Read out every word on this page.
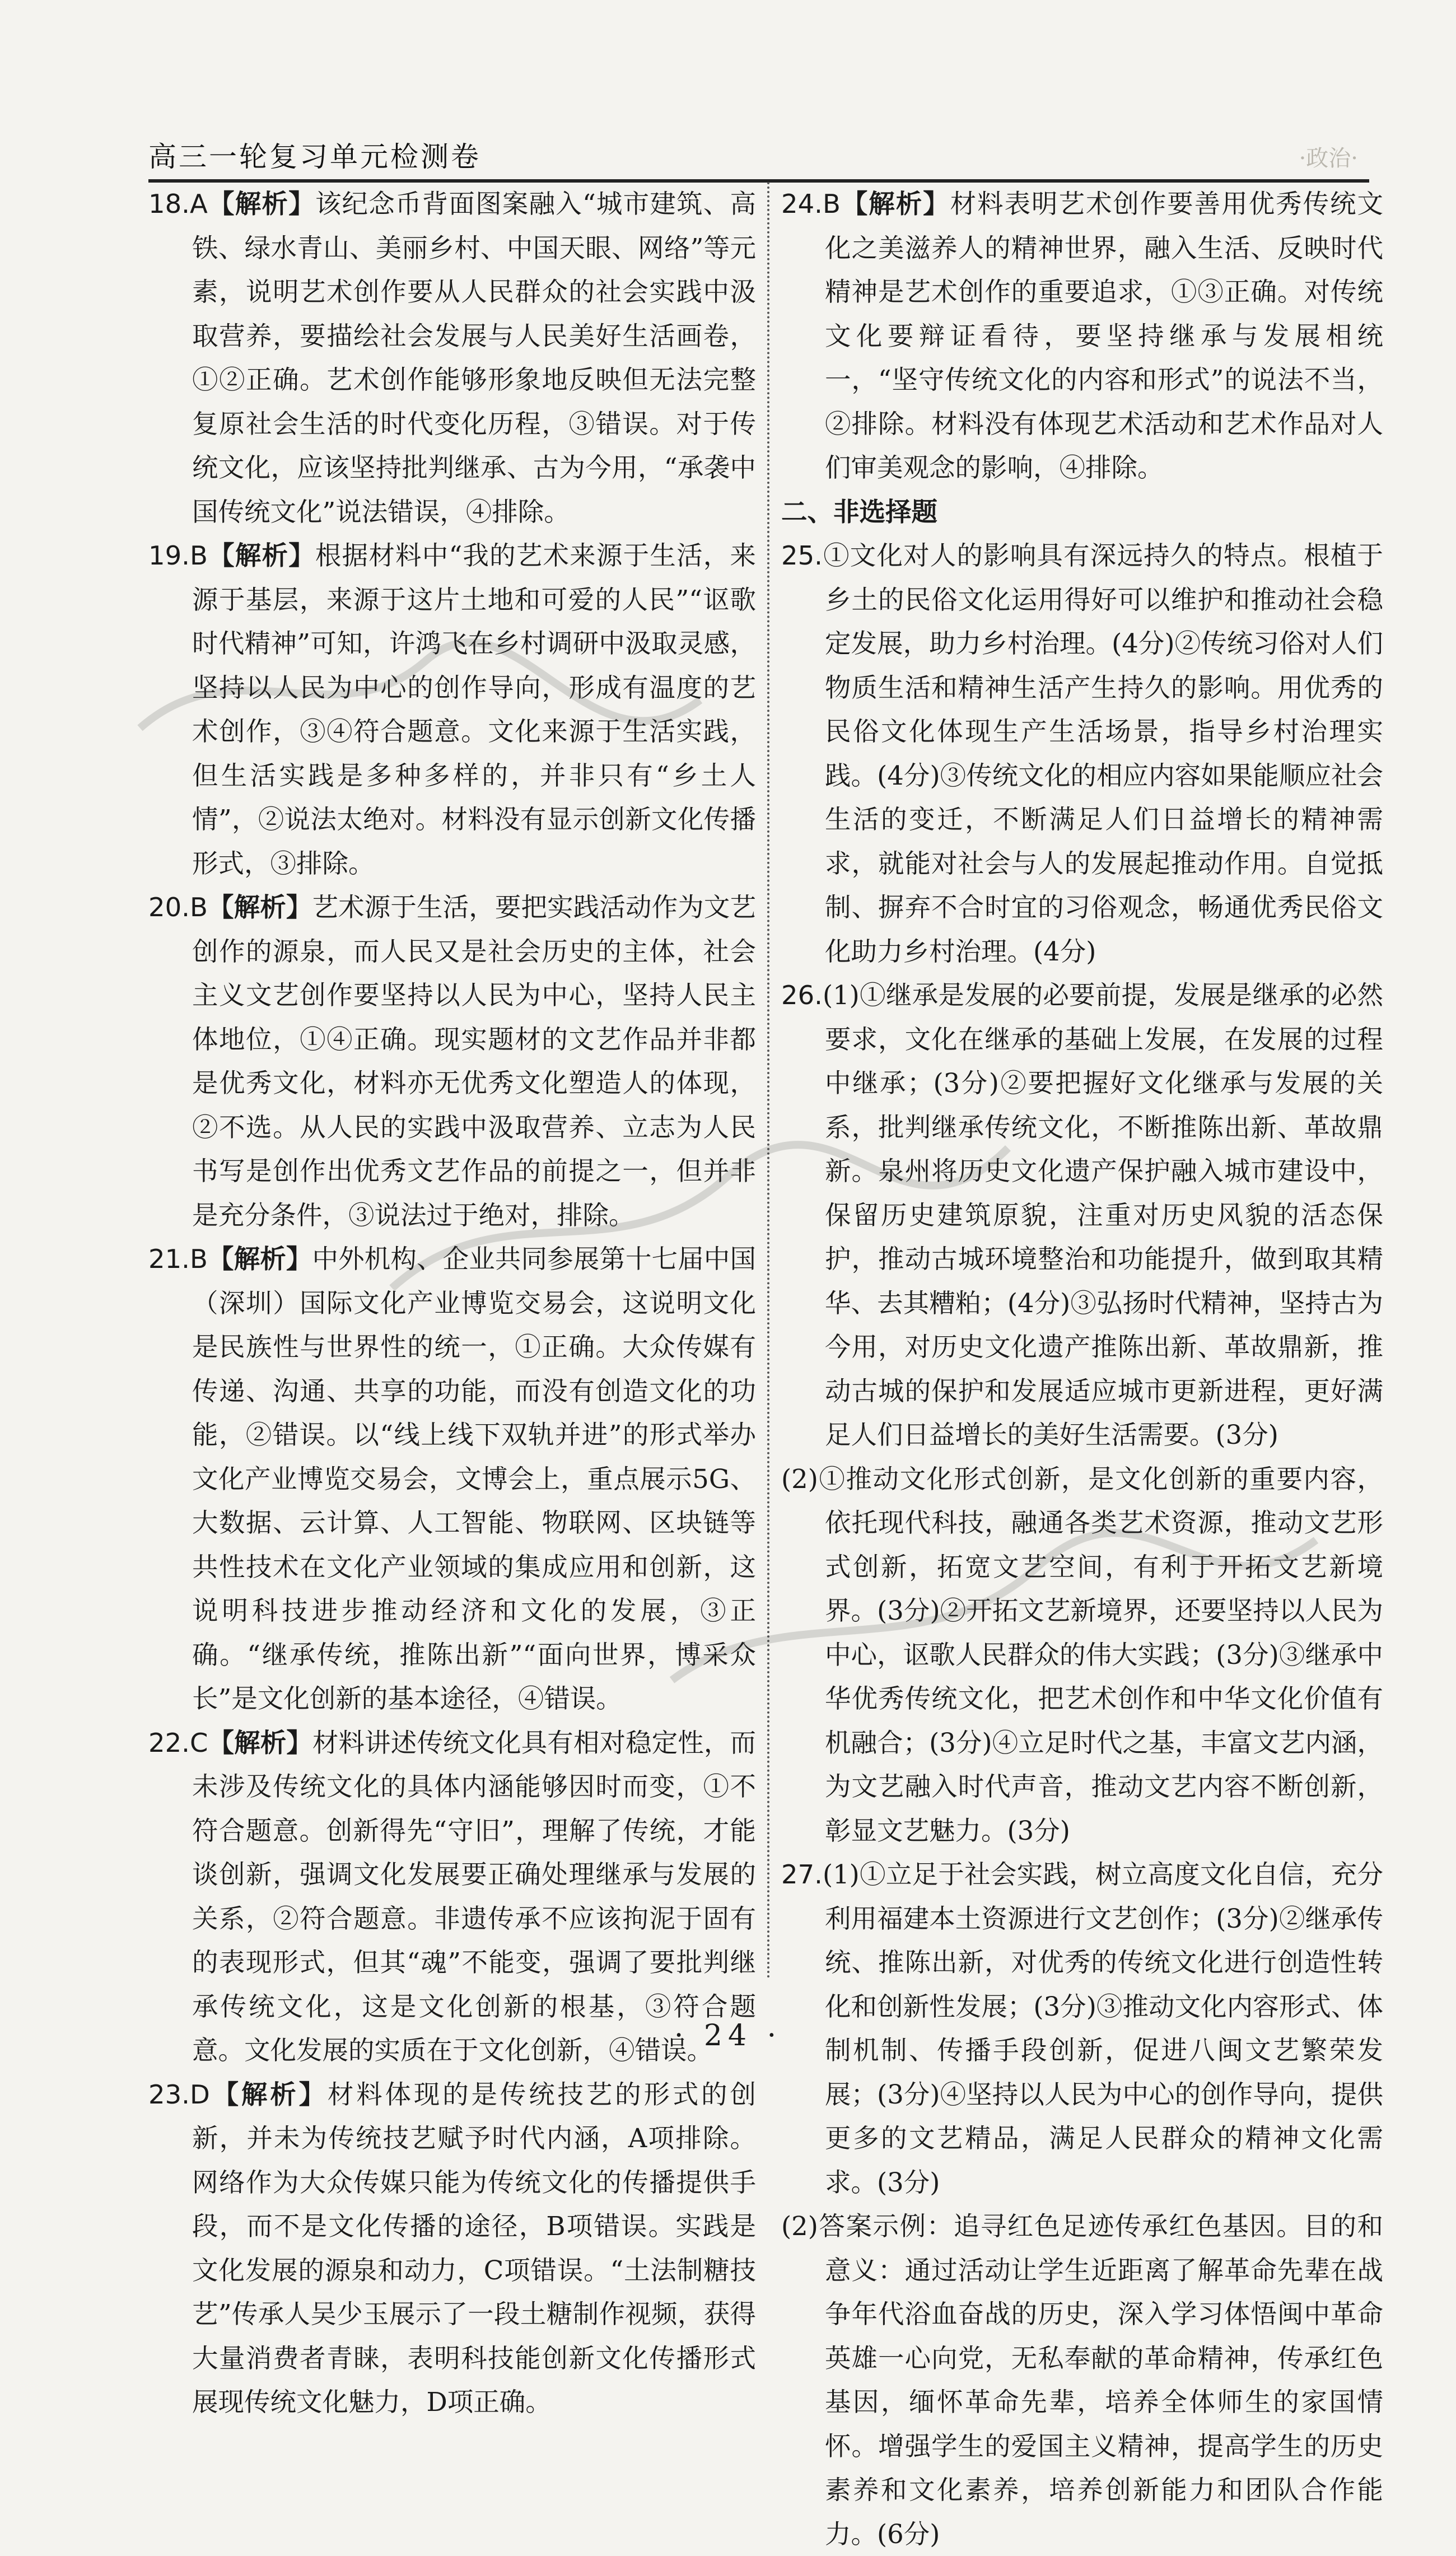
高三一轮复习单元检测卷	·政治·

18.A【解析】该纪念币背面图案融入“城市建筑、高铁、绿水青山、美丽乡村、中国天眼、网络”等元素，说明艺术创作要从人民群众的社会实践中汲取营养，要描绘社会发展与人民美好生活画卷，①②正确。艺术创作能够形象地反映但无法完整复原社会生活的时代变化历程，③错误。对于传统文化，应该坚持批判继承、古为今用，“承袭中国传统文化”说法错误，④排除。

19.B【解析】根据材料中“我的艺术来源于生活，来源于基层，来源于这片土地和可爱的人民”“讴歌时代精神”可知，许鸿飞在乡村调研中汲取灵感，坚持以人民为中心的创作导向，形成有温度的艺术创作，③④符合题意。文化来源于生活实践，但生活实践是多种多样的，并非只有“乡土人情”，②说法太绝对。材料没有显示创新文化传播形式，③排除。

20.B【解析】艺术源于生活，要把实践活动作为文艺创作的源泉，而人民又是社会历史的主体，社会主义文艺创作要坚持以人民为中心，坚持人民主体地位，①④正确。现实题材的文艺作品并非都是优秀文化，材料亦无优秀文化塑造人的体现，②不选。从人民的实践中汲取营养、立志为人民书写是创作出优秀文艺作品的前提之一，但并非是充分条件，③说法过于绝对，排除。

21.B【解析】中外机构、企业共同参展第十七届中国（深圳）国际文化产业博览交易会，这说明文化是民族性与世界性的统一，①正确。大众传媒有传递、沟通、共享的功能，而没有创造文化的功能，②错误。以“线上线下双轨并进”的形式举办文化产业博览交易会，文博会上，重点展示5G、大数据、云计算、人工智能、物联网、区块链等共性技术在文化产业领域的集成应用和创新，这说明科技进步推动经济和文化的发展，③正确。“继承传统，推陈出新”“面向世界，博采众长”是文化创新的基本途径，④错误。

22.C【解析】材料讲述传统文化具有相对稳定性，而未涉及传统文化的具体内涵能够因时而变，①不符合题意。创新得先“守旧”，理解了传统，才能谈创新，强调文化发展要正确处理继承与发展的关系，②符合题意。非遗传承不应该拘泥于固有的表现形式，但其“魂”不能变，强调了要批判继承传统文化，这是文化创新的根基，③符合题意。文化发展的实质在于文化创新，④错误。

23.D【解析】材料体现的是传统技艺的形式的创新，并未为传统技艺赋予时代内涵，A项排除。网络作为大众传媒只能为传统文化的传播提供手段，而不是文化传播的途径，B项错误。实践是文化发展的源泉和动力，C项错误。“土法制糖技艺”传承人吴少玉展示了一段土糖制作视频，获得大量消费者青睐，表明科技能创新文化传播形式展现传统文化魅力，D项正确。

24.B【解析】材料表明艺术创作要善用优秀传统文化之美滋养人的精神世界，融入生活、反映时代精神是艺术创作的重要追求，①③正确。对传统文化要辩证看待，要坚持继承与发展相统一，“坚守传统文化的内容和形式”的说法不当，②排除。材料没有体现艺术活动和艺术作品对人们审美观念的影响，④排除。

二、非选择题

25.①文化对人的影响具有深远持久的特点。根植于乡土的民俗文化运用得好可以维护和推动社会稳定发展，助力乡村治理。(4分)②传统习俗对人们物质生活和精神生活产生持久的影响。用优秀的民俗文化体现生产生活场景，指导乡村治理实践。(4分)③传统文化的相应内容如果能顺应社会生活的变迁，不断满足人们日益增长的精神需求，就能对社会与人的发展起推动作用。自觉抵制、摒弃不合时宜的习俗观念，畅通优秀民俗文化助力乡村治理。(4分)

26.(1)①继承是发展的必要前提，发展是继承的必然要求，文化在继承的基础上发展，在发展的过程中继承；(3分)②要把握好文化继承与发展的关系，批判继承传统文化，不断推陈出新、革故鼎新。泉州将历史文化遗产保护融入城市建设中，保留历史建筑原貌，注重对历史风貌的活态保护，推动古城环境整治和功能提升，做到取其精华、去其糟粕；(4分)③弘扬时代精神，坚持古为今用，对历史文化遗产推陈出新、革故鼎新，推动古城的保护和发展适应城市更新进程，更好满足人们日益增长的美好生活需要。(3分)

(2)①推动文化形式创新，是文化创新的重要内容，依托现代科技，融通各类艺术资源，推动文艺形式创新，拓宽文艺空间，有利于开拓文艺新境界。(3分)②开拓文艺新境界，还要坚持以人民为中心，讴歌人民群众的伟大实践；(3分)③继承中华优秀传统文化，把艺术创作和中华文化价值有机融合；(3分)④立足时代之基，丰富文艺内涵，为文艺融入时代声音，推动文艺内容不断创新，彰显文艺魅力。(3分)

27.(1)①立足于社会实践，树立高度文化自信，充分利用福建本土资源进行文艺创作；(3分)②继承传统、推陈出新，对优秀的传统文化进行创造性转化和创新性发展；(3分)③推动文化内容形式、体制机制、传播手段创新，促进八闽文艺繁荣发展；(3分)④坚持以人民为中心的创作导向，提供更多的文艺精品，满足人民群众的精神文化需求。(3分)

(2)答案示例：追寻红色足迹传承红色基因。目的和意义：通过活动让学生近距离了解革命先辈在战争年代浴血奋战的历史，深入学习体悟闽中革命英雄一心向党，无私奉献的革命精神，传承红色基因，缅怀革命先辈，培养全体师生的家国情怀。增强学生的爱国主义精神，提高学生的历史素养和文化素养，培养创新能力和团队合作能力。(6分)

· 24 ·
